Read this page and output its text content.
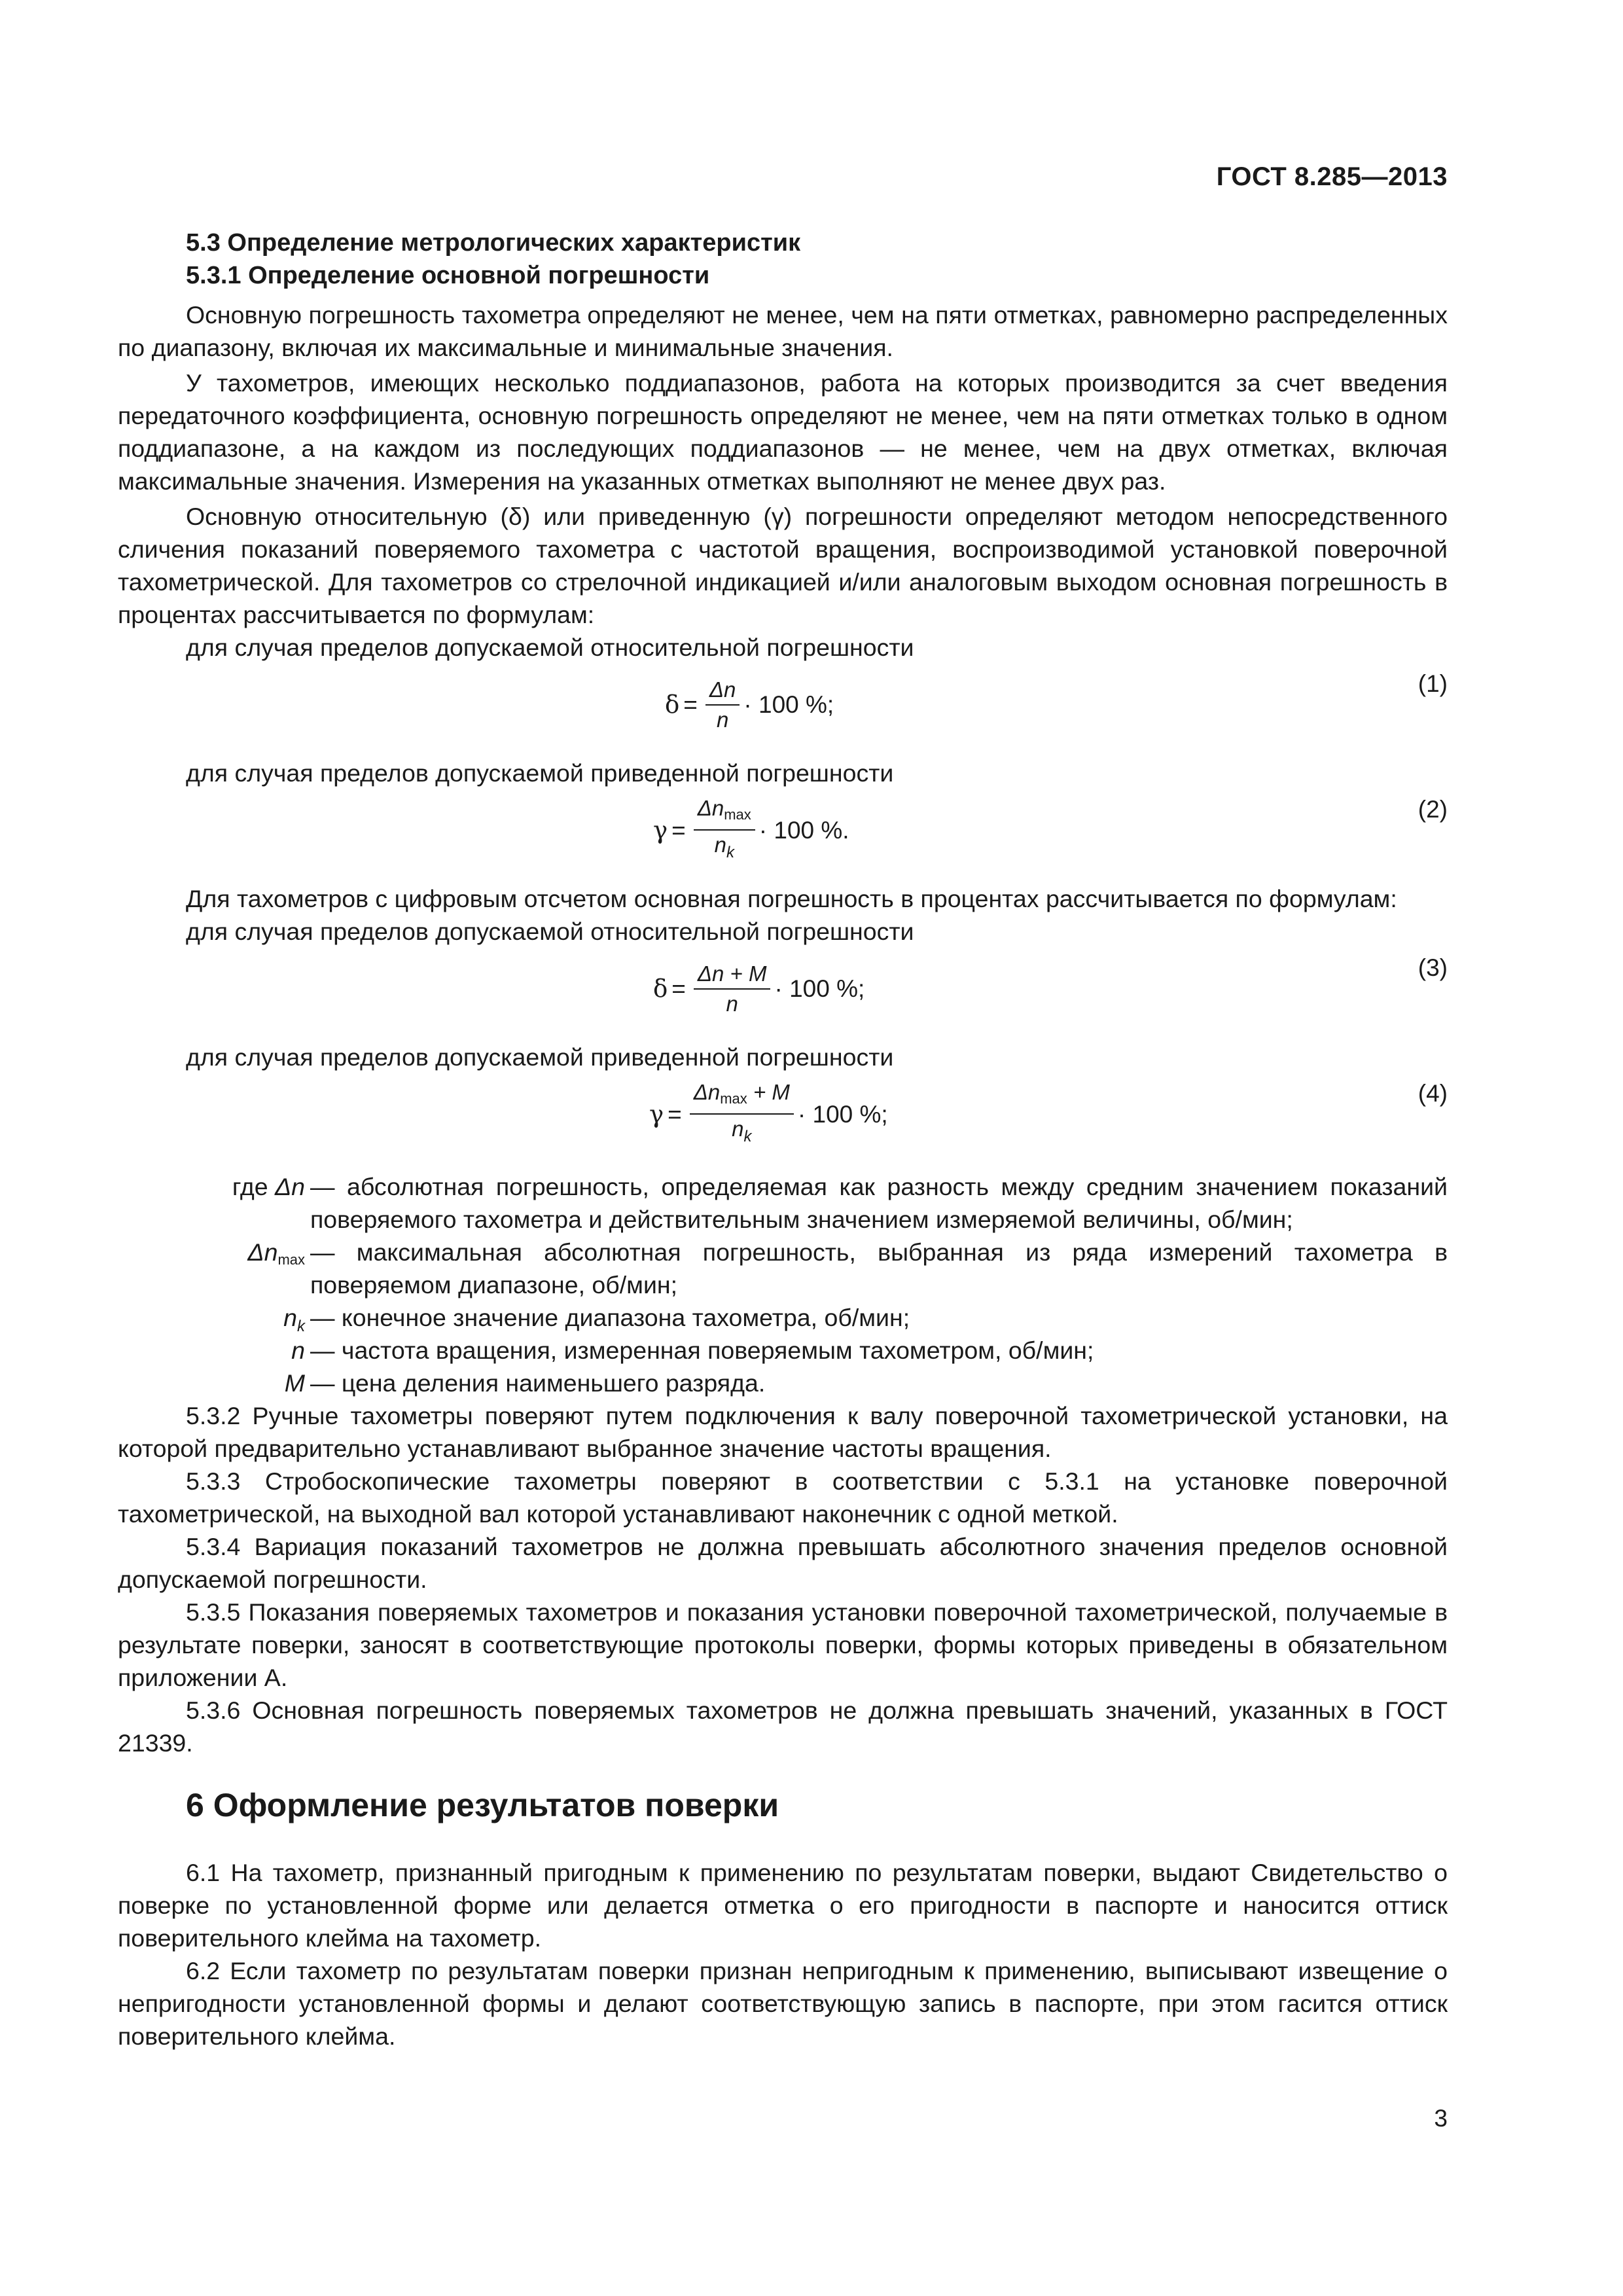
ГОСТ 8.285—2013

5.3 Определение метрологических характеристик

5.3.1 Определение основной погрешности

Основную погрешность тахометра определяют не менее, чем на пяти отметках, равномерно распределенных по диапазону, включая их максимальные и минимальные значения.

У тахометров, имеющих несколько поддиапазонов, работа на которых производится за счет введения передаточного коэффициента, основную погрешность определяют не менее, чем на пяти отметках только в одном поддиапазоне, а на каждом из последующих поддиапазонов — не менее, чем на двух отметках, включая максимальные значения. Измерения на указанных отметках выполняют не менее двух раз.

Основную относительную (δ) или приведенную (γ) погрешности определяют методом непосредственного сличения показаний поверяемого тахометра с частотой вращения, воспроизводимой установкой поверочной тахометрической. Для тахометров со стрелочной индикацией и/или аналоговым выходом основная погрешность в процентах рассчитывается по формулам:

для случая пределов допускаемой относительной погрешности

$\delta = \frac{\Delta n}{n} \cdot 100$ %;
(1)

для случая пределов допускаемой приведенной погрешности

$\gamma = \frac{\Delta n_{max}}{n_k} \cdot 100$ %.
(2)

Для тахометров с цифровым отсчетом основная погрешность в процентах рассчитывается по формулам:

для случая пределов допускаемой относительной погрешности

$\delta = \frac{\Delta n + M}{n} \cdot 100$ %;
(3)

для случая пределов допускаемой приведенной погрешности

$\gamma = \frac{\Delta n_{max} + M}{n_k} \cdot 100$ %;
(4)
где Δn — абсолютная погрешность, определяемая как разность между средним значением показаний поверяемого тахометра и действительным значением измеряемой величины, об/мин;

$\Delta n_{max}$ — максимальная абсолютная погрешность, выбранная из ряда измерений тахометра в поверяемом диапазоне, об/мин;

$n_k$ — конечное значение диапазона тахометра, об/мин;

n — частота вращения, измеренная поверяемым тахометром, об/мин;

M — цена деления наименьшего разряда.

5.3.2 Ручные тахометры поверяют путем подключения к валу поверочной тахометрической установки, на которой предварительно устанавливают выбранное значение частоты вращения.

5.3.3 Стробоскопические тахометры поверяют в соответствии с 5.3.1 на установке поверочной тахометрической, на выходной вал которой устанавливают наконечник с одной меткой.

5.3.4 Вариация показаний тахометров не должна превышать абсолютного значения пределов основной допускаемой погрешности.

5.3.5 Показания поверяемых тахометров и показания установки поверочной тахометрической, получаемые в результате поверки, заносят в соответствующие протоколы поверки, формы которых приведены в обязательном приложении А.

5.3.6 Основная погрешность поверяемых тахометров не должна превышать значений, указанных в ГОСТ 21339.

6 Оформление результатов поверки

6.1 На тахометр, признанный пригодным к применению по результатам поверки, выдают Свидетельство о поверке по установленной форме или делается отметка о его пригодности в паспорте и наносится оттиск поверительного клейма на тахометр.

6.2 Если тахометр по результатам поверки признан непригодным к применению, выписывают извещение о непригодности установленной формы и делают соответствующую запись в паспорте, при этом гасится оттиск поверительного клейма.

3
